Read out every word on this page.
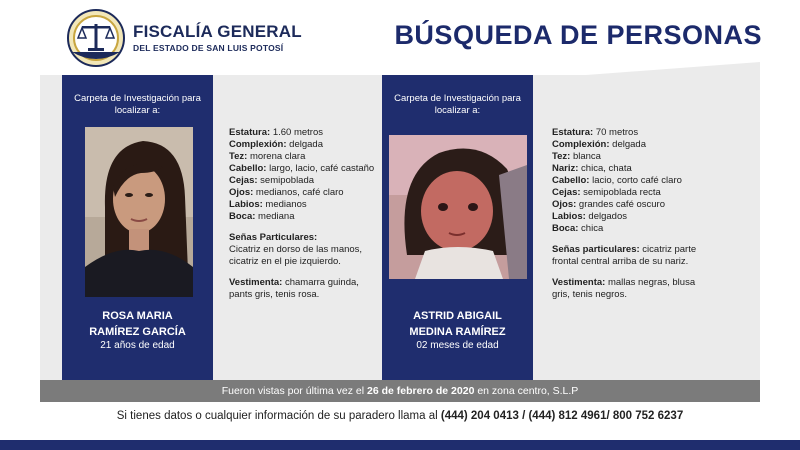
FISCALÍA GENERAL
DEL ESTADO DE SAN LUIS POTOSÍ	BÚSQUEDA DE PERSONAS
Carpeta de Investigación para localizar a:
ROSA MARIA
RAMÍREZ GARCÍA
21 años de edad
Estatura: 1.60 metros
Complexión: delgada
Tez: morena clara
Cabello: largo, lacio, café castaño
Cejas: semipoblada
Ojos: medianos, café claro
Labios: medianos
Boca: mediana
Señas Particulares:
Cicatriz en dorso de las manos, cicatriz en el pie izquierdo.
Vestimenta: chamarra guinda, pants gris, tenis rosa.
Carpeta de Investigación para localizar a:
ASTRID ABIGAIL
MEDINA RAMÍREZ
02 meses de edad
Estatura: 70 metros
Complexión: delgada
Tez: blanca
Nariz: chica, chata
Cabello: lacio, corto café claro
Cejas: semipoblada recta
Ojos: grandes café oscuro
Labios: delgados
Boca: chica
Señas particulares: cicatriz parte frontal central arriba de su nariz.
Vestimenta: mallas negras, blusa gris, tenis negros.
Fueron vistas por última vez el 26 de febrero de 2020 en zona centro, S.L.P
Si tienes datos o cualquier información de su paradero llama al (444) 204 0413 / (444) 812 4961/ 800 752 6237
